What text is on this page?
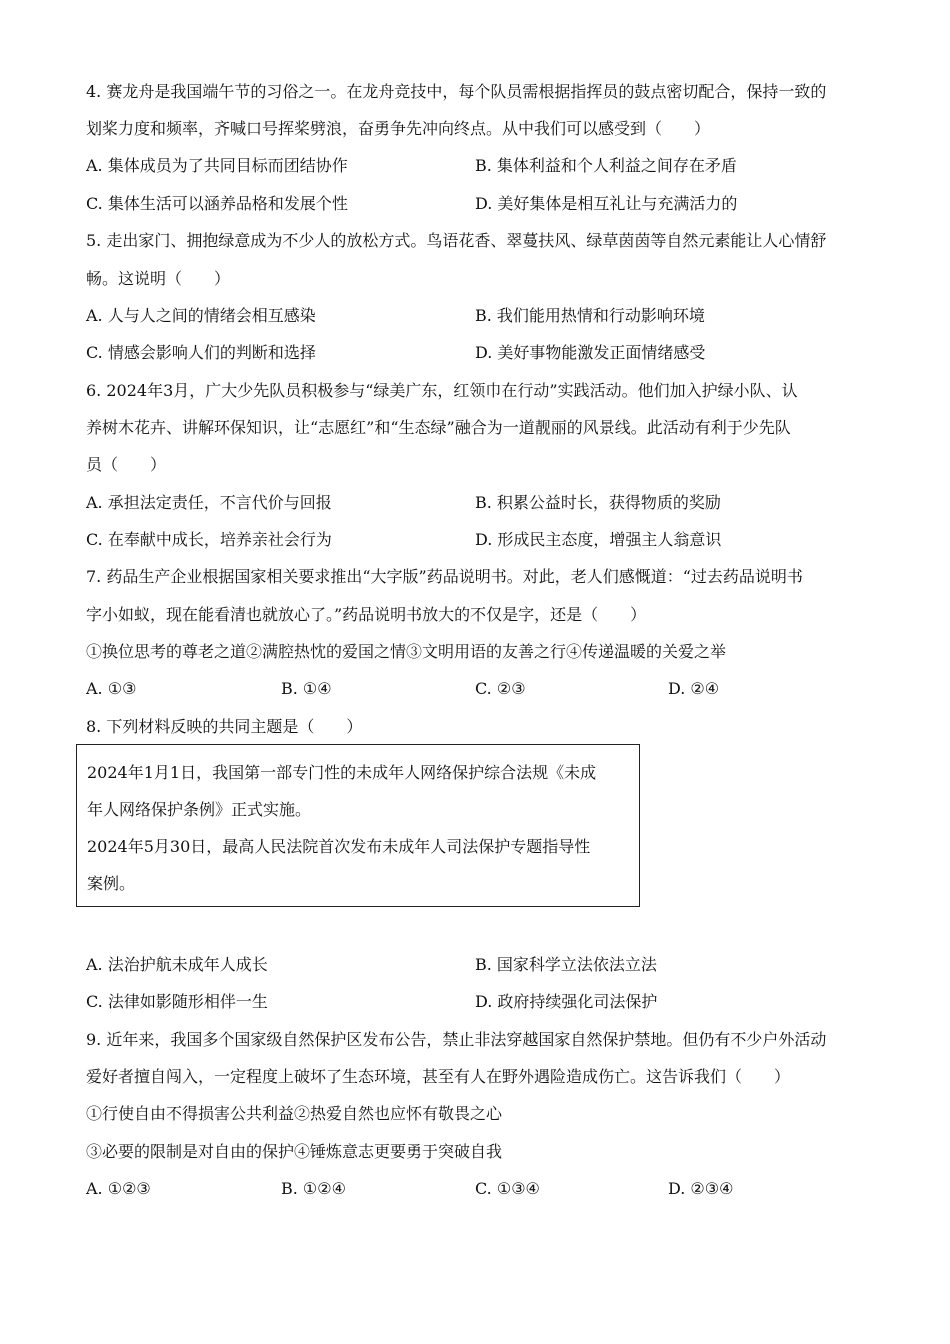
4. 赛龙舟是我国端午节的习俗之一。在龙舟竞技中，每个队员需根据指挥员的鼓点密切配合，保持一致的
划桨力度和频率，齐喊口号挥桨劈浪，奋勇争先冲向终点。从中我们可以感受到（　　）
A. 集体成员为了共同目标而团结协作	B. 集体利益和个人利益之间存在矛盾
C. 集体生活可以涵养品格和发展个性	D. 美好集体是相互礼让与充满活力的
5. 走出家门、拥抱绿意成为不少人的放松方式。鸟语花香、翠蔓扶风、绿草茵茵等自然元素能让人心情舒
畅。这说明（　　）
A. 人与人之间的情绪会相互感染	B. 我们能用热情和行动影响环境
C. 情感会影响人们的判断和选择	D. 美好事物能激发正面情绪感受
6. 2024年3月，广大少先队员积极参与“绿美广东，红领巾在行动”实践活动。他们加入护绿小队、认
养树木花卉、讲解环保知识，让“志愿红”和“生态绿”融合为一道靓丽的风景线。此活动有利于少先队
员（　　）
A. 承担法定责任，不言代价与回报	B. 积累公益时长，获得物质的奖励
C. 在奉献中成长，培养亲社会行为	D. 形成民主态度，增强主人翁意识
7. 药品生产企业根据国家相关要求推出“大字版”药品说明书。对此，老人们感慨道：“过去药品说明书
字小如蚁，现在能看清也就放心了。”药品说明书放大的不仅是字，还是（　　）
①换位思考的尊老之道②满腔热忱的爱国之情③文明用语的友善之行④传递温暖的关爱之举
A. ①③	B. ①④	C. ②③	D. ②④
8. 下列材料反映的共同主题是（　　）
2024年1月1日，我国第一部专门性的未成年人网络保护综合法规《未成
年人网络保护条例》正式实施。
2024年5月30日，最高人民法院首次发布未成年人司法保护专题指导性
案例。
A. 法治护航未成年人成长	B. 国家科学立法依法立法
C. 法律如影随形相伴一生	D. 政府持续强化司法保护
9. 近年来，我国多个国家级自然保护区发布公告，禁止非法穿越国家自然保护禁地。但仍有不少户外活动
爱好者擅自闯入，一定程度上破坏了生态环境，甚至有人在野外遇险造成伤亡。这告诉我们（　　）
①行使自由不得损害公共利益②热爱自然也应怀有敬畏之心
③必要的限制是对自由的保护④锤炼意志更要勇于突破自我
A. ①②③	B. ①②④	C. ①③④	D. ②③④
